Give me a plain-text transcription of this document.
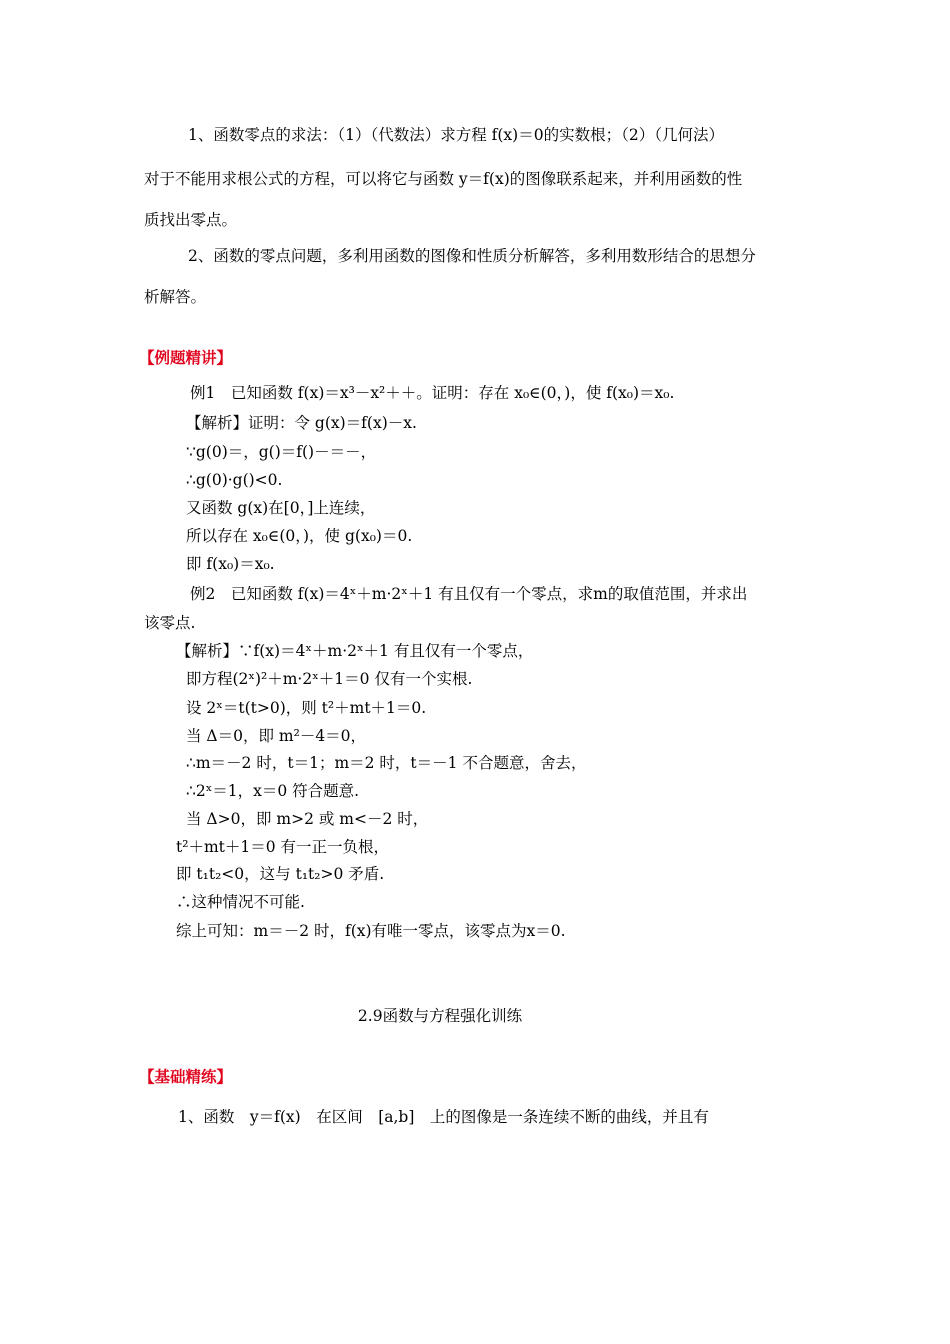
1、函数零点的求法：（1）（代数法）求方程 f(x)＝0的实数根；（2）（几何法）
对于不能用求根公式的方程，可以将它与函数 y＝f(x)的图像联系起来，并利用函数的性
质找出零点。
2、函数的零点问题，多利用函数的图像和性质分析解答，多利用数形结合的思想分
析解答。
【例题精讲】
例1　已知函数 f(x)＝x³－x²＋＋。证明：存在 x₀∈(0，)，使 f(x₀)＝x₀.
【解析】证明：令 g(x)＝f(x)－x.
∵g(0)＝，g()＝f()－＝－，
∴g(0)·g()<0.
又函数 g(x)在[0，]上连续，
所以存在 x₀∈(0，)，使 g(x₀)＝0.
即 f(x₀)＝x₀.
例2　已知函数 f(x)＝4ˣ＋m·2ˣ＋1 有且仅有一个零点，求m的取值范围，并求出
该零点.
【解析】∵f(x)＝4ˣ＋m·2ˣ＋1 有且仅有一个零点，
即方程(2ˣ)²＋m·2ˣ＋1＝0 仅有一个实根.
设 2ˣ＝t(t>0)，则 t²＋mt＋1＝0.
当 Δ＝0，即 m²－4＝0，
∴m＝－2 时，t＝1；m＝2 时，t＝－1 不合题意，舍去，
∴2ˣ＝1，x＝0 符合题意.
当 Δ>0，即 m>2 或 m<－2 时，
t²＋mt＋1＝0 有一正一负根，
即 t₁t₂<0，这与 t₁t₂>0 矛盾.
∴这种情况不可能.
综上可知：m＝－2 时，f(x)有唯一零点，该零点为x＝0.
2.9函数与方程强化训练
【基础精练】
1、函数　y＝f(x)　在区间　[a,b]　上的图像是一条连续不断的曲线，并且有
